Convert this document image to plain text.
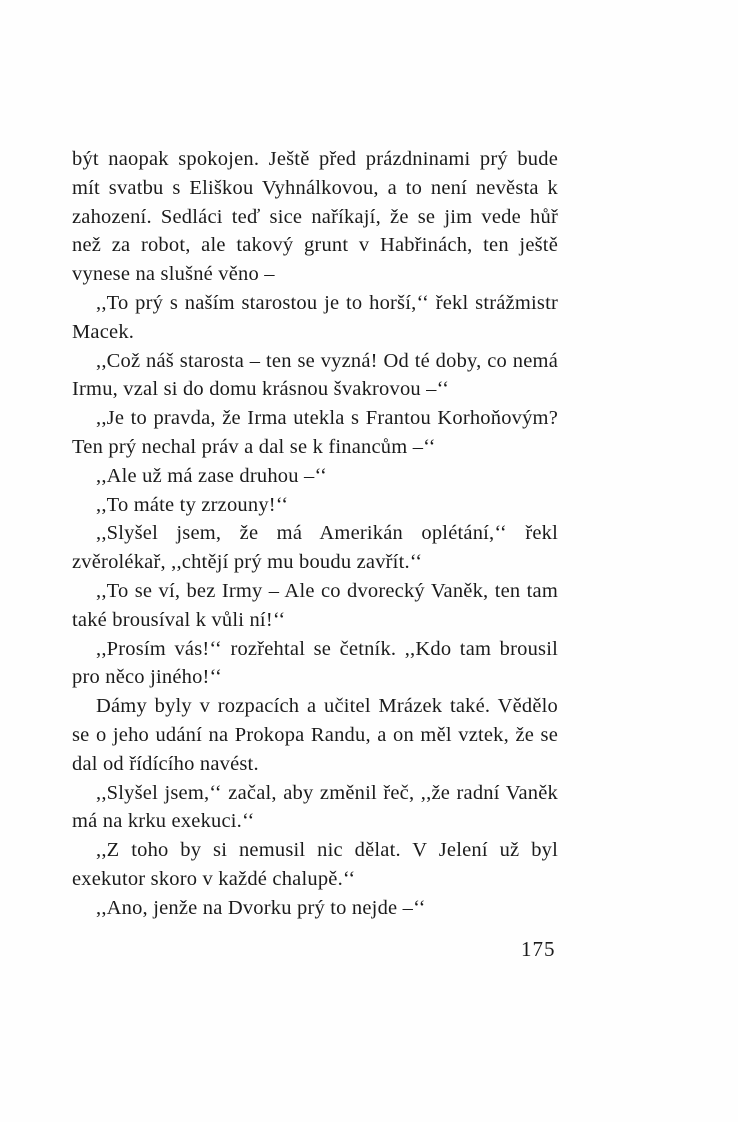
být naopak spokojen. Ještě před prázdninami prý bude mít svatbu s Eliškou Vyhnálkovou, a to není nevěsta k zahození. Sedláci teď sice naříkají, že se jim vede hůř než za robot, ale takový grunt v Habřinách, ten ještě vynese na slušné věno –

,,To prý s naším starostou je to horší,‘‘ řekl strážmistr Macek.

,,Což náš starosta – ten se vyzná! Od té doby, co nemá Irmu, vzal si do domu krásnou švakrovou –‘‘

,,Je to pravda, že Irma utekla s Frantou Korhoňovým? Ten prý nechal práv a dal se k financům –‘‘

,,Ale už má zase druhou –‘‘

,,To máte ty zrzouny!‘‘

,,Slyšel jsem, že má Amerikán oplétání,‘‘ řekl zvěrolékař, ,,chtějí prý mu boudu zavřít.‘‘

,,To se ví, bez Irmy – Ale co dvorecký Vaněk, ten tam také brousíval k vůli ní!‘‘

,,Prosím vás!‘‘ rozřehtal se četník. ,,Kdo tam brousil pro něco jiného!‘‘

Dámy byly v rozpacích a učitel Mrázek také. Vědělo se o jeho udání na Prokopa Randu, a on měl vztek, že se dal od řídícího navést.

,,Slyšel jsem,‘‘ začal, aby změnil řeč, ,,že radní Vaněk má na krku exekuci.‘‘

,,Z toho by si nemusil nic dělat. V Jelení už byl exekutor skoro v každé chalupě.‘‘

,,Ano, jenže na Dvorku prý to nejde –‘‘

175
